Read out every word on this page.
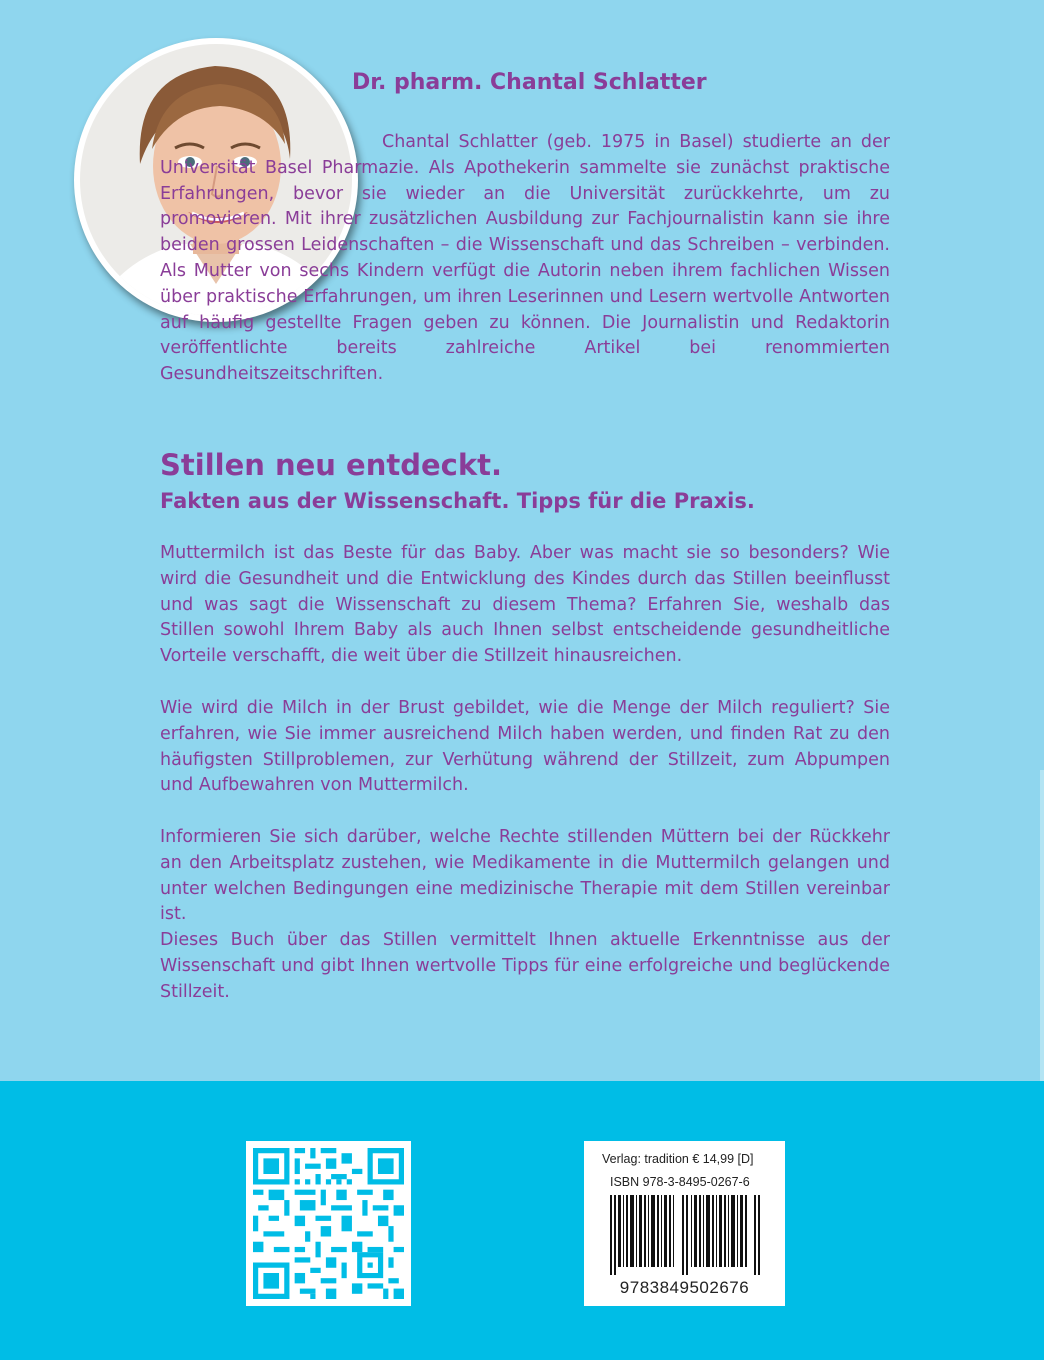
Dr. pharm. Chantal Schlatter
Chantal Schlatter (geb. 1975 in Basel) studierte an der Universität Basel Pharmazie. Als Apothekerin sammelte sie zunächst praktische Erfahrungen, bevor sie wieder an die Universität zurückkehrte, um zu promovieren. Mit ihrer zusätzlichen Ausbildung zur Fachjournalistin kann sie ihre beiden grossen Leidenschaften – die Wissenschaft und das Schreiben – verbinden. Als Mutter von sechs Kindern verfügt die Autorin neben ihrem fachlichen Wissen über praktische Erfahrungen, um ihren Leserinnen und Lesern wertvolle Antworten auf häufig gestellte Fragen geben zu können. Die Journalistin und Redaktorin veröffentlichte bereits zahlreiche Artikel bei renommierten Gesundheitszeitschriften.
Stillen neu entdeckt.
Fakten aus der Wissenschaft. Tipps für die Praxis.
Muttermilch ist das Beste für das Baby. Aber was macht sie so besonders? Wie wird die Gesundheit und die Entwicklung des Kindes durch das Stillen beeinflusst und was sagt die Wissenschaft zu diesem Thema? Erfahren Sie, weshalb das Stillen sowohl Ihrem Baby als auch Ihnen selbst entscheidende gesundheitliche Vorteile verschafft, die weit über die Stillzeit hinausreichen.
Wie wird die Milch in der Brust gebildet, wie die Menge der Milch reguliert? Sie erfahren, wie Sie immer ausreichend Milch haben werden, und finden Rat zu den häufigsten Stillproblemen, zur Verhütung während der Stillzeit, zum Abpumpen und Aufbewahren von Muttermilch.
Informieren Sie sich darüber, welche Rechte stillenden Müttern bei der Rückkehr an den Arbeitsplatz zustehen, wie Medikamente in die Muttermilch gelangen und unter welchen Bedingungen eine medizinische Therapie mit dem Stillen vereinbar ist.
Dieses Buch über das Stillen vermittelt Ihnen aktuelle Erkenntnisse aus der Wissenschaft und gibt Ihnen wertvolle Tipps für eine erfolgreiche und beglückende Stillzeit.
Verlag: tradition € 14,99 [D]
ISBN 978-3-8495-0267-6
9783849502676
